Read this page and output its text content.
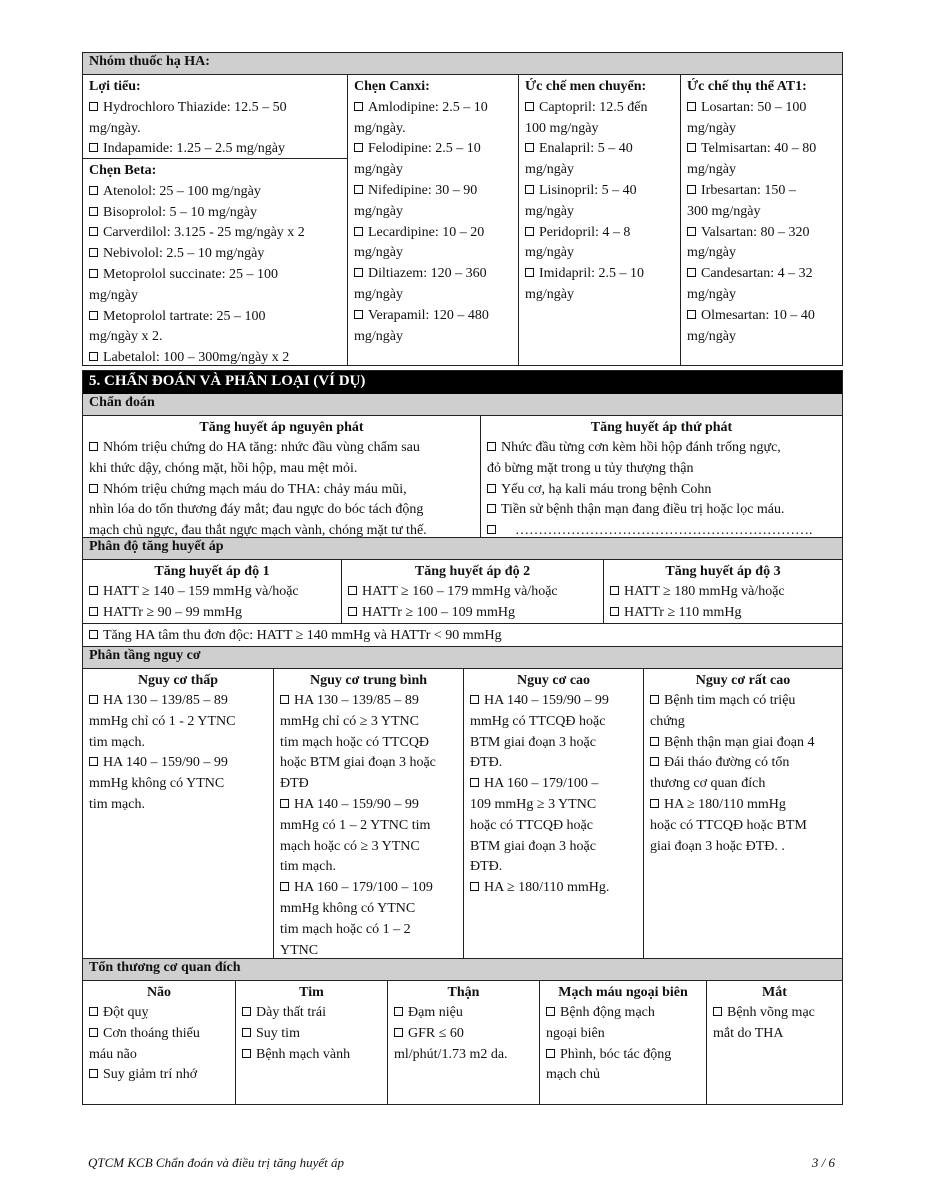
Nhóm thuốc hạ HA:
Lợi tiểu:
Hydrochloro Thiazide: 12.5 – 50
mg/ngày.
Indapamide: 1.25 – 2.5 mg/ngày
Chẹn Beta:
Atenolol: 25 – 100 mg/ngày
Bisoprolol: 5 – 10 mg/ngày
Carverdilol: 3.125 - 25 mg/ngày x 2
Nebivolol: 2.5 – 10 mg/ngày
Metoprolol succinate: 25 – 100
mg/ngày
Metoprolol tartrate: 25 – 100
mg/ngày x 2.
Labetalol: 100 – 300mg/ngày x 2
Chẹn Canxi:
Amlodipine: 2.5 – 10
mg/ngày.
Felodipine: 2.5 – 10
mg/ngày
Nifedipine: 30 – 90
mg/ngày
Lecardipine: 10 – 20
mg/ngày
Diltiazem: 120 – 360
mg/ngày
Verapamil: 120 – 480
mg/ngày
Ức chế men chuyển:
Captopril: 12.5 đến
100 mg/ngày
Enalapril: 5 – 40
mg/ngày
Lisinopril: 5 – 40
mg/ngày
Peridopril: 4 – 8
mg/ngày
Imidapril: 2.5 – 10
mg/ngày
Ức chế thụ thể AT1:
Losartan: 50 – 100
mg/ngày
Telmisartan: 40 – 80
mg/ngày
Irbesartan: 150 –
300 mg/ngày
Valsartan: 80 – 320
mg/ngày
Candesartan: 4 – 32
mg/ngày
Olmesartan: 10 – 40
mg/ngày
5. CHẨN ĐOÁN VÀ PHÂN LOẠI (VÍ DỤ)
Chẩn đoán
Tăng huyết áp nguyên phát
Nhóm triệu chứng do HA tăng: nhức đầu vùng chẩm sau
khi thức dậy, chóng mặt, hồi hộp, mau mệt mỏi.
Nhóm triệu chứng mạch máu do THA: chảy máu mũi,
nhìn lóa do tổn thương đáy mắt; đau ngực do bóc tách động
mạch chủ ngực, đau thắt ngực mạch vành, chóng mặt tư thế.
Tăng huyết áp thứ phát
Nhức đầu từng cơn kèm hồi hộp đánh trống ngực,
đỏ bừng mặt trong u tủy thượng thận
Yếu cơ, hạ kali máu trong bệnh Cohn
Tiền sử bệnh thận mạn đang điều trị hoặc lọc máu.
……………………………………………………….
Phân độ tăng huyết áp
Tăng huyết áp độ 1
HATT ≥ 140 – 159 mmHg và/hoặc
HATTr ≥ 90 – 99 mmHg
Tăng huyết áp độ 2
HATT ≥ 160 – 179 mmHg và/hoặc
HATTr ≥ 100 – 109 mmHg
Tăng huyết áp độ 3
HATT ≥ 180 mmHg và/hoặc
HATTr ≥ 110 mmHg
Tăng HA tâm thu đơn độc: HATT ≥ 140 mmHg và HATTr < 90 mmHg
Phân tầng nguy cơ
Nguy cơ thấp
HA 130 – 139/85 – 89
mmHg chỉ có 1 - 2 YTNC
tim mạch.
HA 140 – 159/90 – 99
mmHg không có YTNC
tim mạch.
Nguy cơ trung bình
HA 130 – 139/85 – 89
mmHg chỉ có ≥ 3 YTNC
tim mạch hoặc có TTCQĐ
hoặc BTM giai đoạn 3 hoặc
ĐTĐ
HA 140 – 159/90 – 99
mmHg có 1 – 2 YTNC tim
mạch hoặc có ≥ 3 YTNC
tim mạch.
HA 160 – 179/100 – 109
mmHg không có YTNC
tim mạch hoặc có 1 – 2
YTNC
Nguy cơ cao
HA 140 – 159/90 – 99
mmHg có TTCQĐ hoặc
BTM giai đoạn 3 hoặc
ĐTĐ.
HA 160 – 179/100 –
109 mmHg ≥ 3 YTNC
hoặc có TTCQĐ hoặc
BTM giai đoạn 3 hoặc
ĐTĐ.
HA ≥ 180/110 mmHg.
Nguy cơ rất cao
Bệnh tim mạch có triệu
chứng
Bệnh thận mạn giai đoạn 4
Đái tháo đường có tổn
thương cơ quan đích
HA ≥ 180/110 mmHg
hoặc có TTCQĐ hoặc BTM
giai đoạn 3 hoặc ĐTĐ. .
Tổn thương cơ quan đích
Não
Đột quỵ
Cơn thoáng thiếu
máu não
Suy giảm trí nhớ
Tim
Dày thất trái
Suy tim
Bệnh mạch vành
Thận
Đạm niệu
GFR ≤ 60
ml/phút/1.73 m2 da.
Mạch máu ngoại biên
Bệnh động mạch
ngoại biên
Phình, bóc tác động
mạch chủ
Mắt
Bệnh võng mạc
mắt do THA
QTCM KCB Chẩn đoán và điều trị tăng huyết áp	3 / 6
